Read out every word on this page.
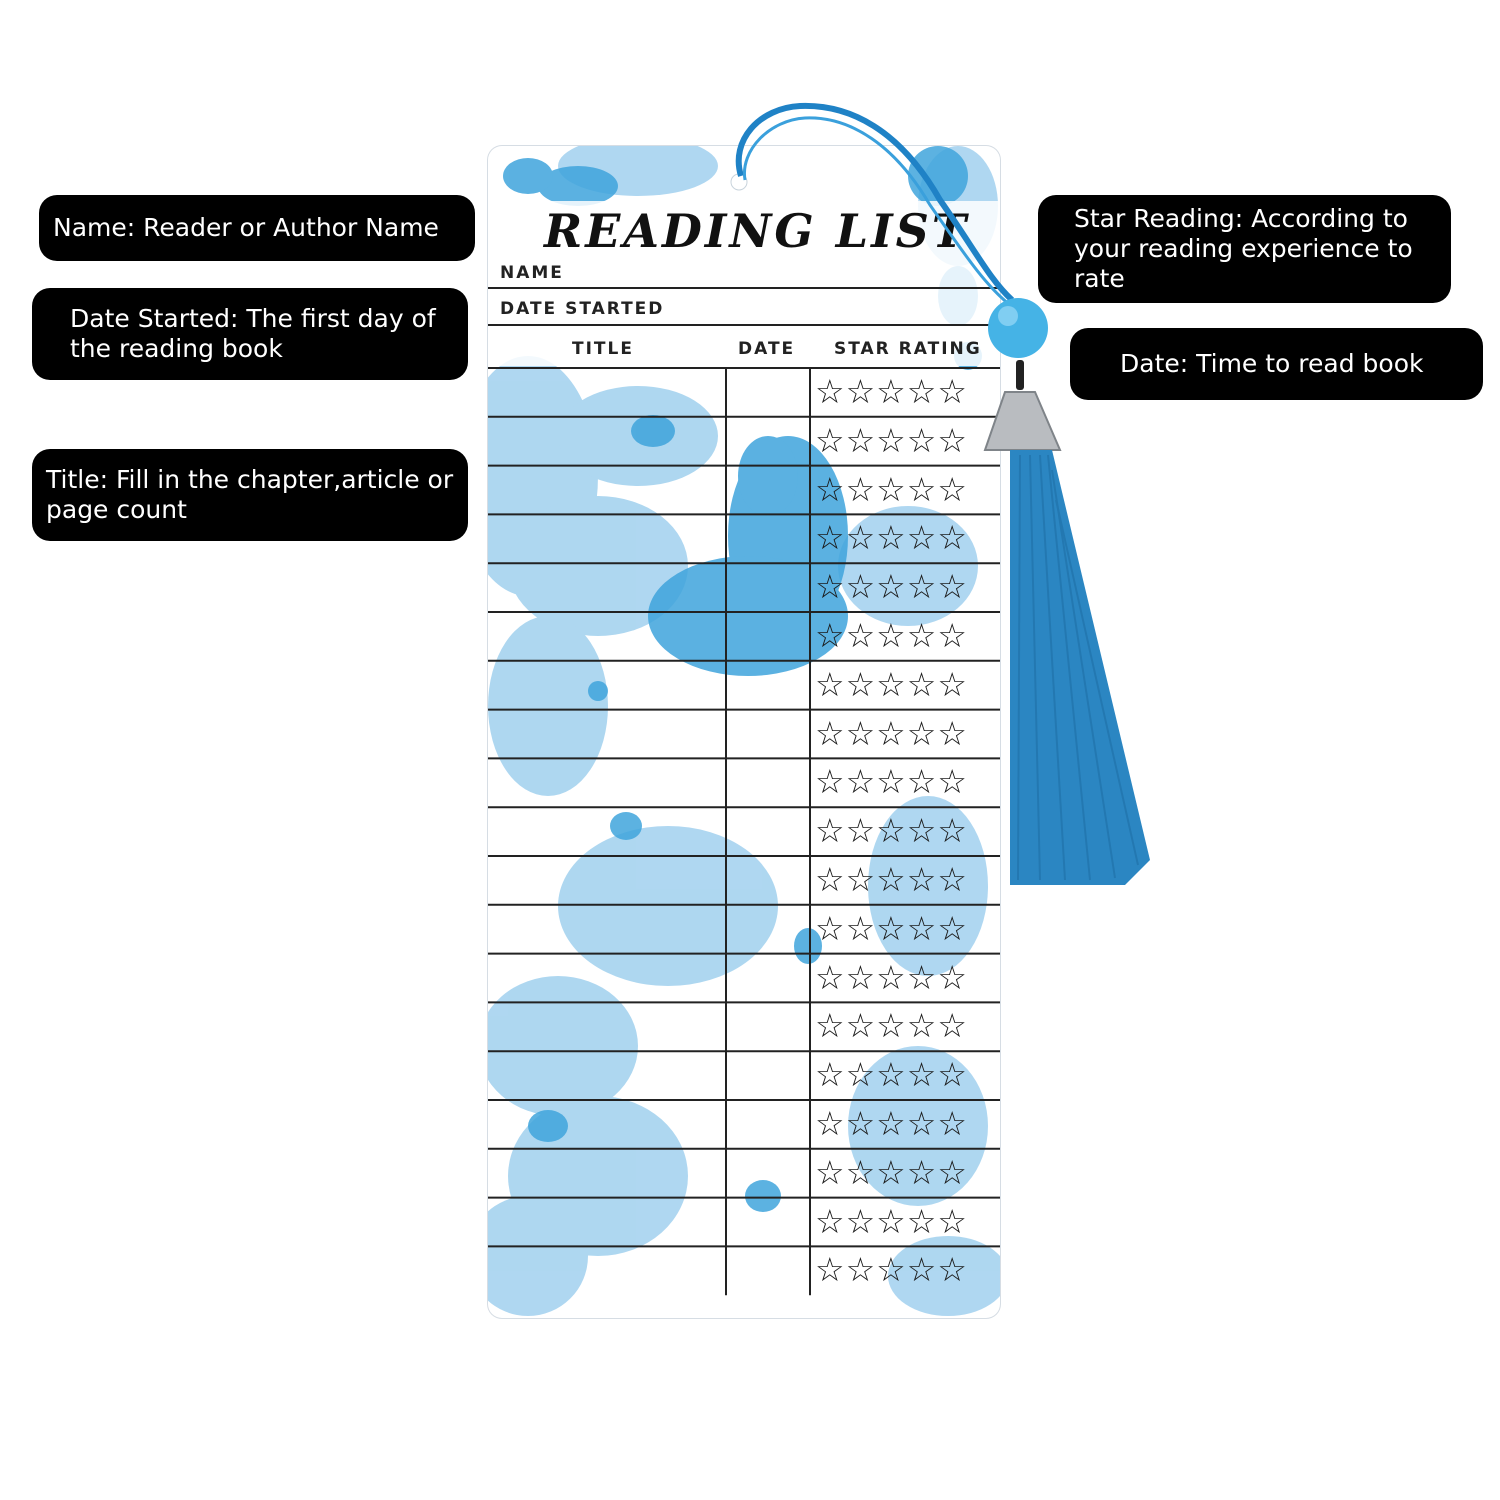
Name: Reader or Author Name
Date Started: The first day of
the reading book
Title: Fill in the chapter,article or
page count
Star Reading: According to
your reading experience to
rate
Date: Time to read book
READING LIST
NAME
DATE STARTED
TITLE	DATE STAR RATING
☆☆☆☆☆
☆☆☆☆☆
☆☆☆☆☆
☆☆☆☆☆
☆☆☆☆☆
☆☆☆☆☆
☆☆☆☆☆
☆☆☆☆☆
☆☆☆☆☆
☆☆☆☆☆
☆☆☆☆☆
☆☆☆☆☆
☆☆☆☆☆
☆☆☆☆☆
☆☆☆☆☆
☆☆☆☆☆
☆☆☆☆☆
☆☆☆☆☆
☆☆☆☆☆
